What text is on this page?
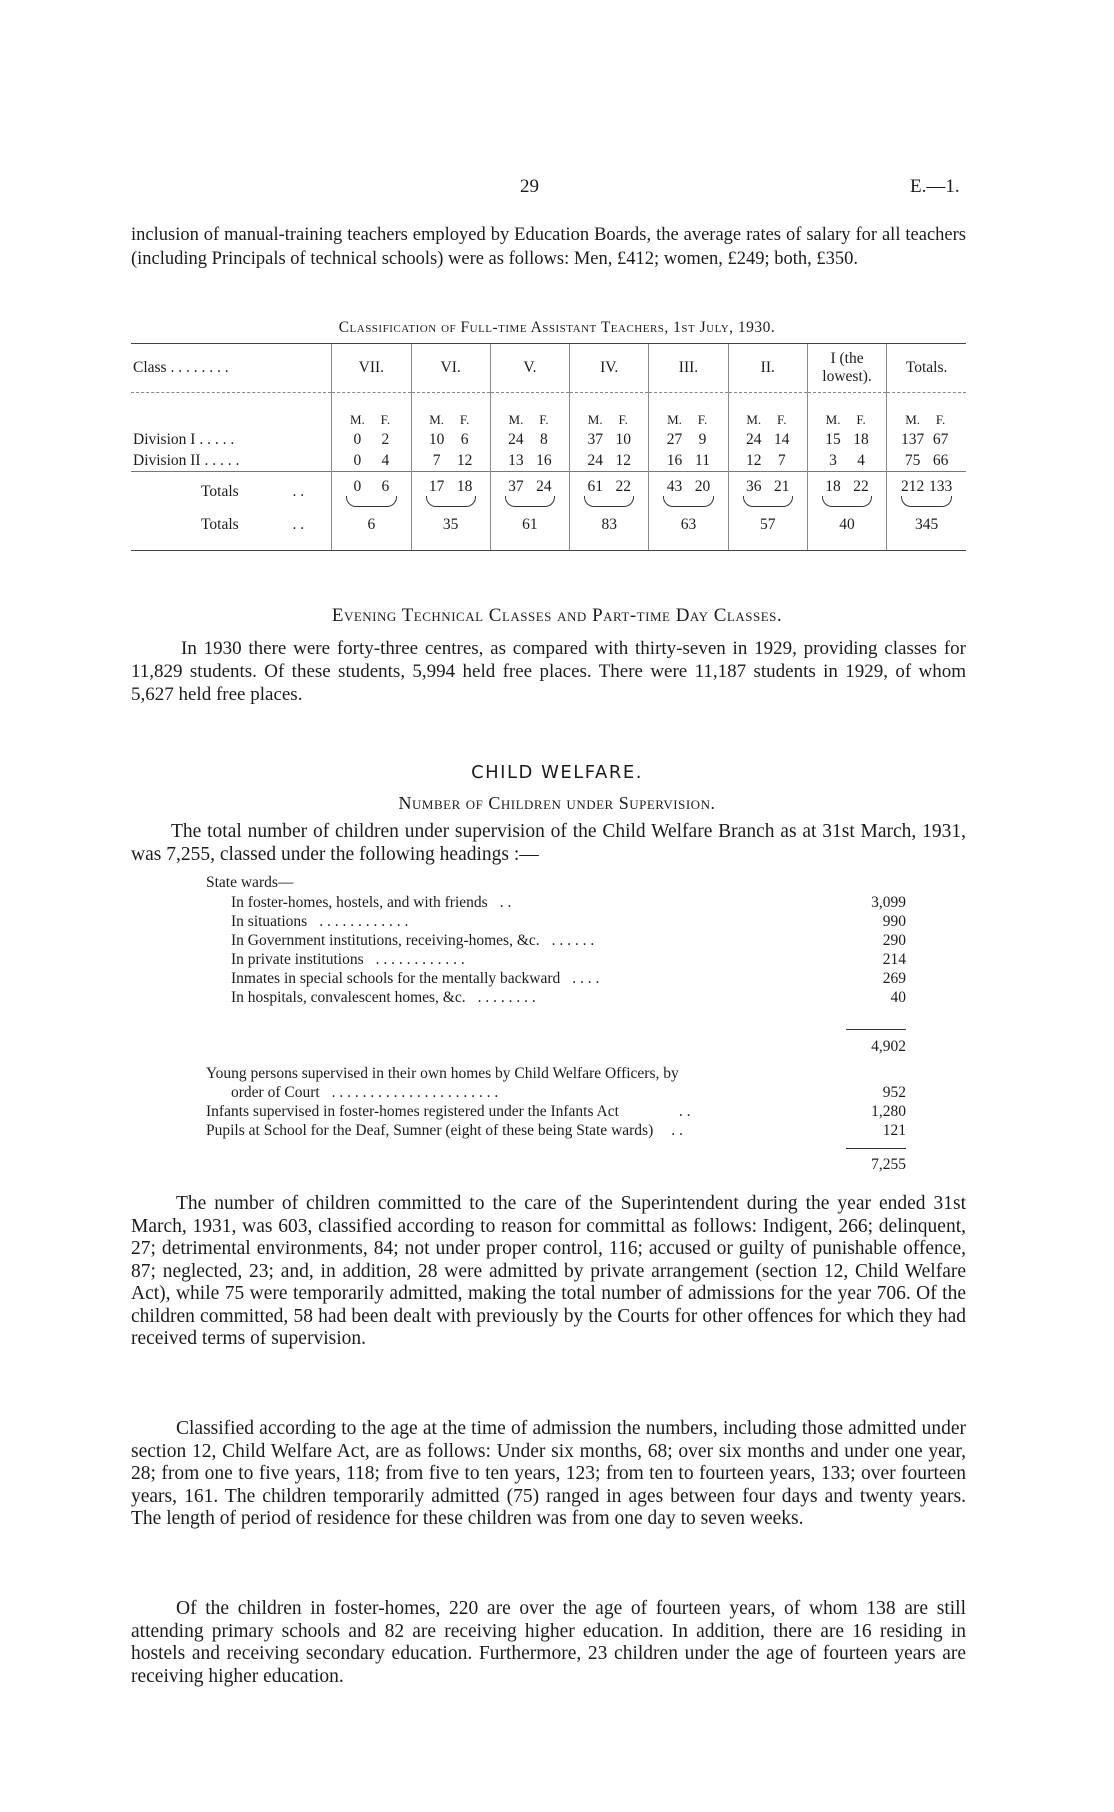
29	E.—1.

inclusion of manual-training teachers employed by Education Boards, the average rates of salary for all teachers (including Principals of technical schools) were as follows: Men, £412; women, £249; both, £350.

Classification of Full-time Assistant Teachers, 1st July, 1930.
Class . . . . . . . .	VII.	VI.	V.	IV.	III.	II.	I (the lowest).	Totals.
	M. F.	M. F.	M. F.	M. F.	M. F.	M. F.	M. F.	M. F.
Division I . . . . .	0 2	10 6	24 8	37 10	27 9	24 14	15 18	137 67
Division II . . . . .	0 4	7 12	13 16	24 12	16 11	12 7	3 4	75 66
Totals . .	0 6	17 18	37 24	61 22	43 20	36 21	18 22	212 133

Totals . .	6	35	61	83	63	57	40	345
Evening Technical Classes and Part-time Day Classes.

In 1930 there were forty-three centres, as compared with thirty-seven in 1929, providing classes for 11,829 students. Of these students, 5,994 held free places. There were 11,187 students in 1929, of whom 5,627 held free places.

CHILD WELFARE.
Number of Children under Supervision.

The total number of children under supervision of the Child Welfare Branch as at 31st March, 1931, was 7,255, classed under the following headings :—

State wards—
In foster-homes, hostels, and with friends . .	3,099
In situations . . . . . . . . . . . .	990
In Government institutions, receiving-homes, &c. . . . . . .	290
In private institutions . . . . . . . . . . . .	214
Inmates in special schools for the mentally backward . . . .	269
In hospitals, convalescent homes, &c. . . . . . . . .	40
4,902
Young persons supervised in their own homes by Child Welfare Officers, by
order of Court . . . . . . . . . . . . . . . . . . . . . .	952
Infants supervised in foster-homes registered under the Infants Act	. .	1,280
Pupils at School for the Deaf, Sumner (eight of these being State wards) . .	121
7,255

The number of children committed to the care of the Superintendent during the year ended 31st March, 1931, was 603, classified according to reason for committal as follows: Indigent, 266; delinquent, 27; detrimental environments, 84; not under proper control, 116; accused or guilty of punishable offence, 87; neglected, 23; and, in addition, 28 were admitted by private arrangement (section 12, Child Welfare Act), while 75 were temporarily admitted, making the total number of admissions for the year 706. Of the children committed, 58 had been dealt with previously by the Courts for other offences for which they had received terms of supervision.

Classified according to the age at the time of admission the numbers, including those admitted under section 12, Child Welfare Act, are as follows: Under six months, 68; over six months and under one year, 28; from one to five years, 118; from five to ten years, 123; from ten to fourteen years, 133; over fourteen years, 161. The children temporarily admitted (75) ranged in ages between four days and twenty years. The length of period of residence for these children was from one day to seven weeks.

Of the children in foster-homes, 220 are over the age of fourteen years, of whom 138 are still attending primary schools and 82 are receiving higher education. In addition, there are 16 residing in hostels and receiving secondary education. Furthermore, 23 children under the age of fourteen years are receiving higher education.
